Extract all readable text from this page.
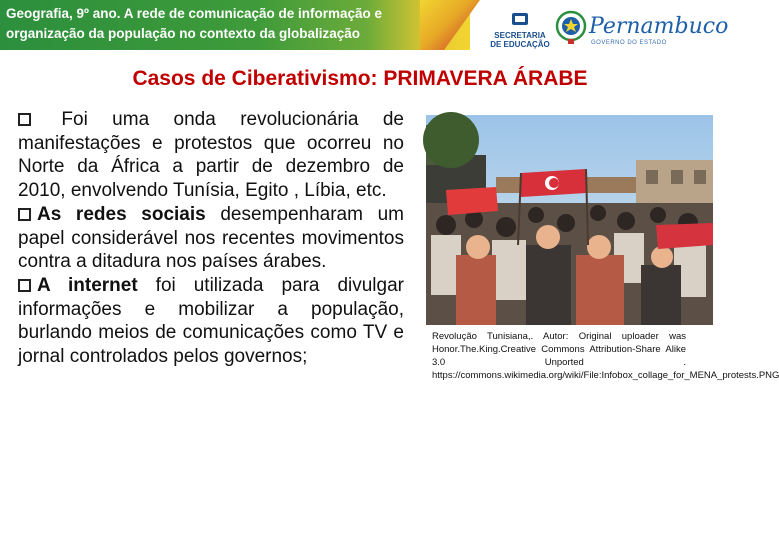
Geografia, 9º ano. A rede de comunicação de informação e
organização da população no contexto da globalização	SECRETARIA
DE EDUCAÇÃO
Pernambuco
GOVERNO DO ESTADO
Casos de Ciberativismo: PRIMAVERA ÁRABE

Foi uma onda revolucionária de manifestações e protestos que ocorreu no Norte da África a partir de dezembro de 2010, envolvendo Tunísia, Egito , Líbia, etc.

As redes sociais desempenharam um papel considerável nos recentes movimentos contra a ditadura nos países árabes.

A internet foi utilizada para divulgar informações e mobilizar a população, burlando meios de comunicações como TV e jornal controlados pelos governos;

Revolução Tunisiana,. Autor: Original uploader was Honor.The.King.Creative Commons Attribution-Share Alike 3.0 Unported . https://commons.wikimedia.org/wiki/File:Infobox_collage_for_MENA_protests.PNG
